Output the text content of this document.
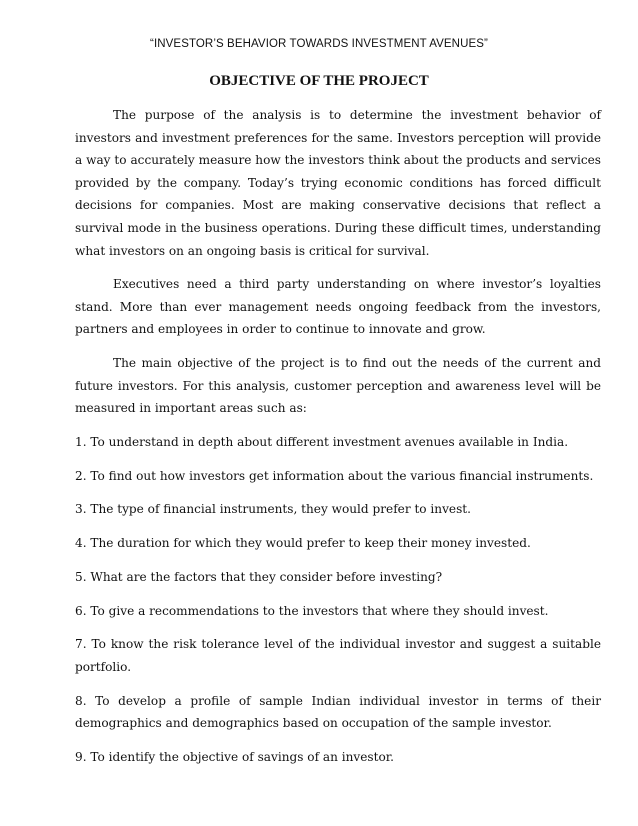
“INVESTOR’S BEHAVIOR TOWARDS INVESTMENT AVENUES”
OBJECTIVE OF THE PROJECT

The purpose of the analysis is to determine the investment behavior of investors and investment preferences for the same. Investors perception will provide a way to accurately measure how the investors think about the products and services provided by the company. Today’s trying economic conditions has forced difficult decisions for companies. Most are making conservative decisions that reflect a survival mode in the business operations. During these difficult times, understanding what investors on an ongoing basis is critical for survival.

Executives need a third party understanding on where investor’s loyalties stand. More than ever management needs ongoing feedback from the investors, partners and employees in order to continue to innovate and grow.

The main objective of the project is to find out the needs of the current and future investors. For this analysis, customer perception and awareness level will be measured in important areas such as:

1. To understand in depth about different investment avenues available in India.

2. To find out how investors get information about the various financial instruments.

3. The type of financial instruments, they would prefer to invest.

4. The duration for which they would prefer to keep their money invested.

5. What are the factors that they consider before investing?

6. To give a recommendations to the investors that where they should invest.

7. To know the risk tolerance level of the individual investor and suggest a suitable portfolio.

8. To develop a profile of sample Indian individual investor in terms of their demographics and demographics based on occupation of the sample investor.

9. To identify the objective of savings of an investor.
